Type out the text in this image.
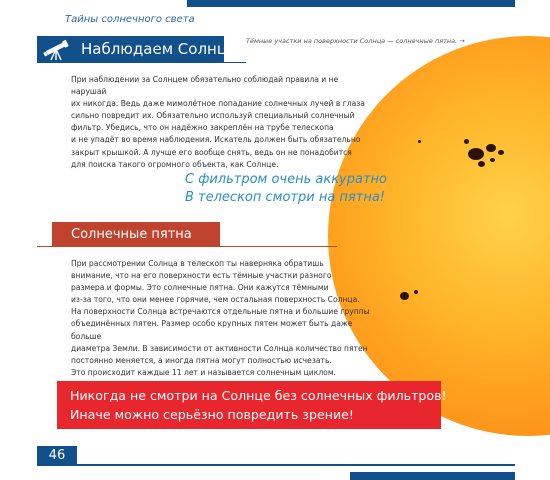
Тайны солнечного света
Тёмные участки на поверхности Солнца — солнечные пятна. →
Наблюдаем Солнце
При наблюдении за Солнцем обязательно соблюдай правила и не нарушай
их никогда. Ведь даже мимолётное попадание солнечных лучей в глаза
сильно повредит их. Обязательно используй специальный солнечный
фильтр. Убедись, что он надёжно закреплён на трубе телескопа
и не упадёт во время наблюдения. Искатель должен быть обязательно
закрыт крышкой. А лучше его вообще снять, ведь он не понадобится
для поиска такого огромного объекта, как Солнце.
С фильтром очень аккуратно
В телескоп смотри на пятна!
Солнечные пятна
При рассмотрении Солнца в телескоп ты наверняка обратишь
внимание, что на его поверхности есть тёмные участки разного
размера и формы. Это солнечные пятна. Они кажутся тёмными
из-за того, что они менее горячие, чем остальная поверхность Солнца.
На поверхности Солнца встречаются отдельные пятна и большие группы
объединённых пятен. Размер особо крупных пятен может быть даже больше
диаметра Земли. В зависимости от активности Солнца количество пятен
постоянно меняется, а иногда пятна могут полностью исчезать.
Это происходит каждые 11 лет и называется солнечным циклом.
Никогда не смотри на Солнце без солнечных фильтров!
Иначе можно серьёзно повредить зрение!
46
